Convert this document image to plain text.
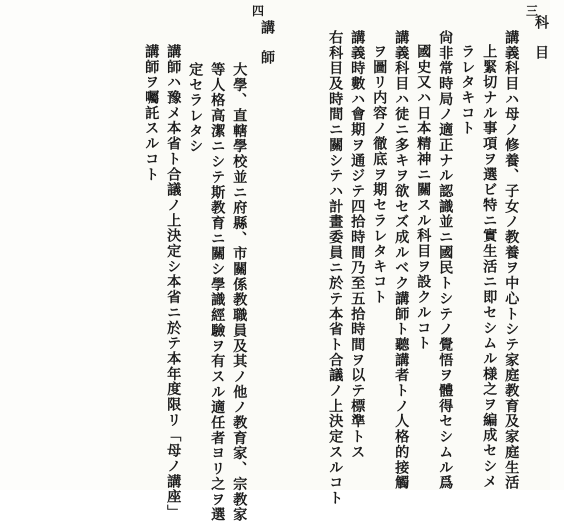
三
科　目
講義科目ハ母ノ修養、子女ノ教養ヲ中心トシテ家庭教育及家庭生活
上緊切ナル事項ヲ選ビ特ニ實生活ニ即セシムル様之ヲ編成セシメ
ラレタキコト
尙非常時局ノ適正ナル認識並ニ國民トシテノ覺悟ヲ體得セシムル爲
國史又ハ日本精神ニ關スル科目ヲ設クルコト
講義科目ハ徒ニ多キヲ欲セズ成ルベク講師ト聽講者トノ人格的接觸
ヲ圖リ内容ノ徹底ヲ期セラレタキコト
講義時數ハ會期ヲ通ジテ四拾時間乃至五拾時間ヲ以テ標準トス
右科目及時間ニ關シテハ計畫委員ニ於テ本省ト合議ノ上決定スルコト
四
講　師
大學、直轄學校並ニ府縣、市關係教職員及其ノ他ノ教育家、宗教家
等人格高潔ニシテ斯教育ニ關シ學識經驗ヲ有スル適任者ヨリ之ヲ選
定セラレタシ
講師ハ豫メ本省ト合議ノ上決定シ本省ニ於テ本年度限リ「母ノ講座」
講師ヲ囑託スルコト
